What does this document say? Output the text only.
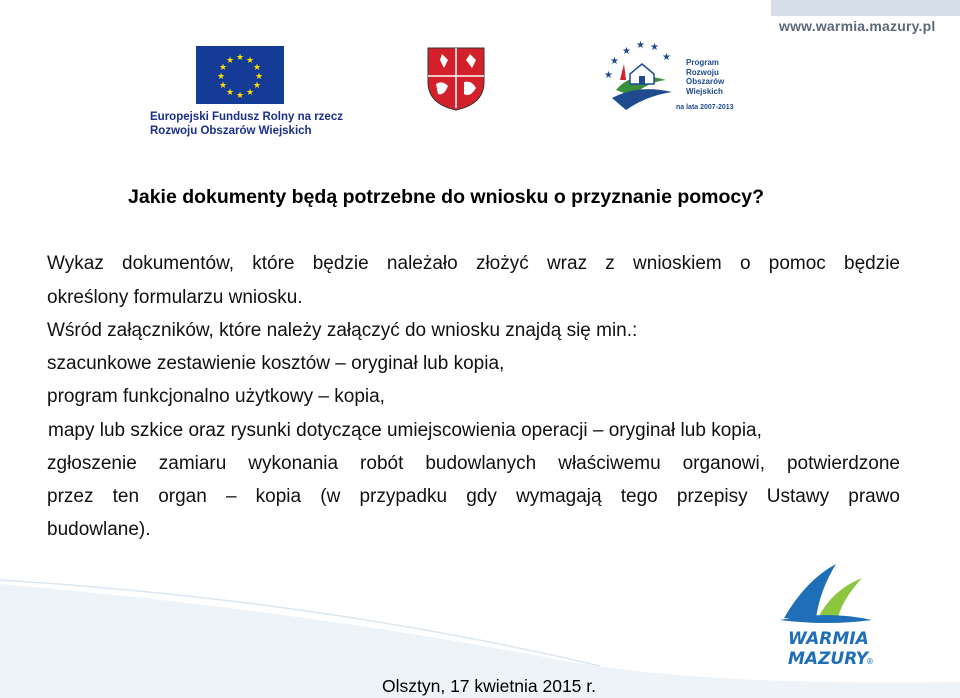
www.warmia.mazury.pl
★ ★
★
★
★
★
★
★
★
★
★
★
Europejski Fundusz Rolny na rzecz
Rozwoju Obszarów Wiejskich
★
★ ★
★	★
★
Program
Rozwoju
Obszarów
Wiejskich
na lata 2007-2013
Jakie dokumenty będą potrzebne do wniosku o przyznanie pomocy?
Wykaz dokumentów, które będzie należało złożyć wraz z wnioskiem o pomoc będzie
określony formularzu wniosku.
Wśród załączników, które należy załączyć do wniosku znajdą się min.:
szacunkowe zestawienie kosztów – oryginał lub kopia,
program funkcjonalno użytkowy – kopia,
mapy lub szkice oraz rysunki dotyczące umiejscowienia operacji – oryginał lub kopia,
zgłoszenie zamiaru wykonania robót budowlanych właściwemu organowi, potwierdzone
przez ten organ – kopia (w przypadku gdy wymagają tego przepisy Ustawy prawo
budowlane).
WARMIA
MAZURY
®
Olsztyn, 17 kwietnia 2015 r.
